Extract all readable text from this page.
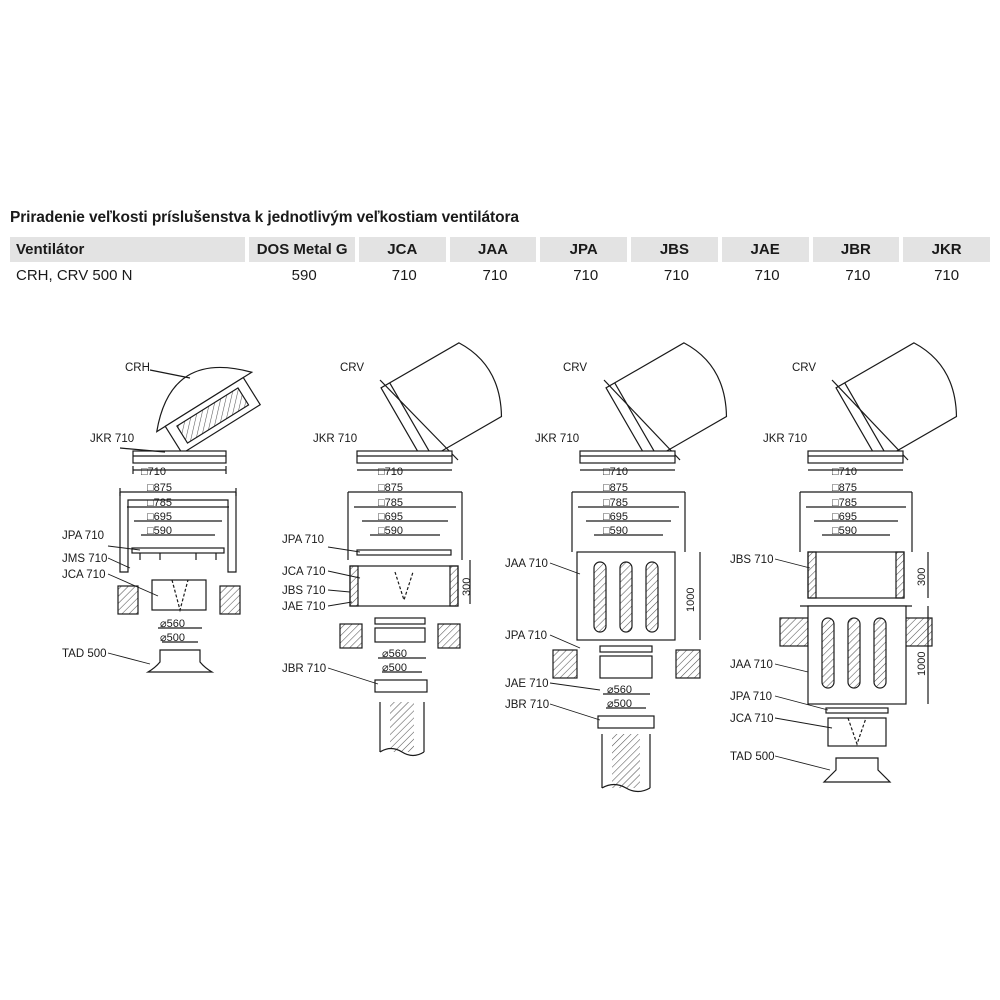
Priradenie veľkosti príslušenstva k jednotlivým veľkostiam ventilátora
Ventilátor	DOS Metal G	JCA	JAA	JPA	JBS	JAE	JBR	JKR
CRH, CRV 500 N	590	710	710	710	710	710	710	710
CRH
JKR 710
□710
□875
□785
□695
□590
JPA 710
JMS 710
JCA 710
⌀560
⌀500
TAD 500
CRV
JKR 710
□710
□875
□785
□695
□590
JPA 710
JCA 710
JBS 710
JAE 710
300
⌀560
⌀500
JBR 710
CRV
JKR 710
□710
□875
□785
□695
□590
JAA 710
1000
JPA 710
⌀560
⌀500
JAE 710
JBR 710
CRV
JKR 710
□710
□875
□785
□695
□590
JBS 710
300
1000
JAA 710
JPA 710
JCA 710
TAD 500
